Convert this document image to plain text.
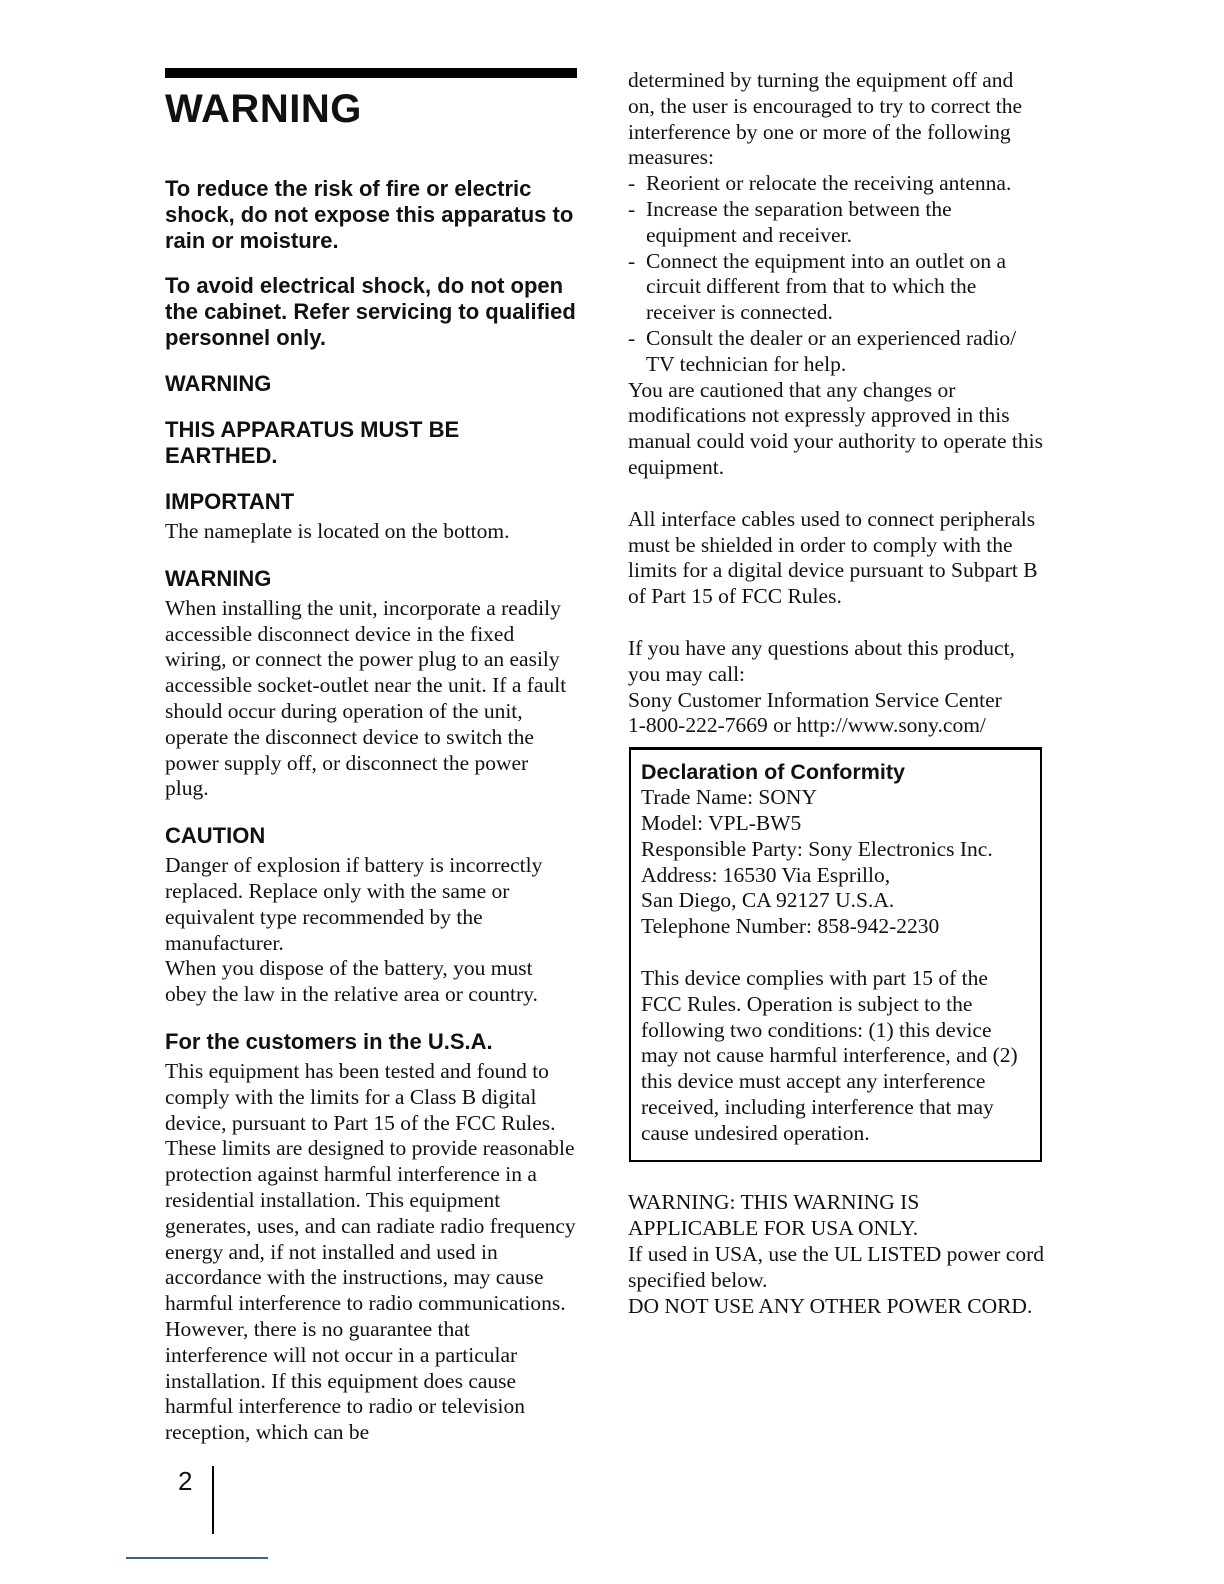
WARNING

To reduce the risk of fire or electric shock, do not expose this apparatus to rain or moisture.

To avoid electrical shock, do not open the cabinet. Refer servicing to qualified personnel only.

WARNING

THIS APPARATUS MUST BE EARTHED.

IMPORTANT

The nameplate is located on the bottom.

WARNING

When installing the unit, incorporate a readily accessible disconnect device in the fixed wiring, or connect the power plug to an easily accessible socket-outlet near the unit. If a fault should occur during operation of the unit, operate the disconnect device to switch the power supply off, or disconnect the power plug.

CAUTION

Danger of explosion if battery is incorrectly replaced. Replace only with the same or equivalent type recommended by the manufacturer.

When you dispose of the battery, you must obey the law in the relative area or country.

For the customers in the U.S.A.

This equipment has been tested and found to comply with the limits for a Class B digital device, pursuant to Part 15 of the FCC Rules. These limits are designed to provide reasonable protection against harmful interference in a residential installation. This equipment generates, uses, and can radiate radio frequency energy and, if not installed and used in accordance with the instructions, may cause harmful interference to radio communications. However, there is no guarantee that interference will not occur in a particular installation. If this equipment does cause harmful interference to radio or television reception, which can be

determined by turning the equipment off and on, the user is encouraged to try to correct the interference by one or more of the following measures:

- Reorient or relocate the receiving antenna.
- Increase the separation between the equipment and receiver.
- Connect the equipment into an outlet on a circuit different from that to which the receiver is connected.
- Consult the dealer or an experienced radio/ TV technician for help.

You are cautioned that any changes or modifications not expressly approved in this manual could void your authority to operate this equipment.

All interface cables used to connect peripherals must be shielded in order to comply with the limits for a digital device pursuant to Subpart B of Part 15 of FCC Rules.

If you have any questions about this product, you may call:

Sony Customer Information Service Center

1-800-222-7669 or http://www.sony.com/

Declaration of Conformity

Trade Name: SONY

Model: VPL-BW5

Responsible Party: Sony Electronics Inc.

Address: 16530 Via Esprillo,

San Diego, CA 92127 U.S.A.

Telephone Number: 858-942-2230

This device complies with part 15 of the FCC Rules. Operation is subject to the following two conditions: (1) this device may not cause harmful interference, and (2) this device must accept any interference received, including interference that may cause undesired operation.

WARNING: THIS WARNING IS APPLICABLE FOR USA ONLY.

If used in USA, use the UL LISTED power cord specified below.

DO NOT USE ANY OTHER POWER CORD.

2
